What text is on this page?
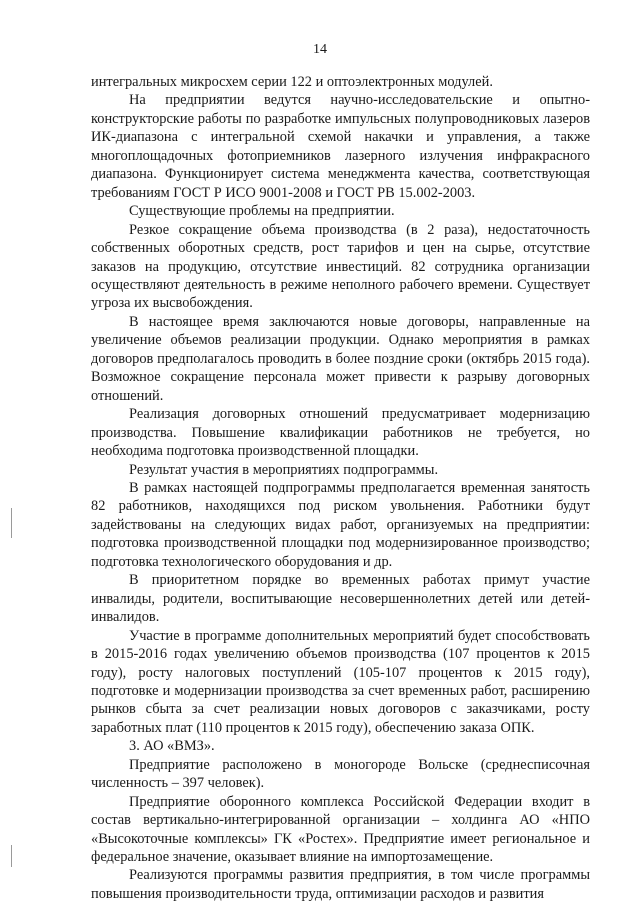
14

интегральных микросхем серии 122 и оптоэлектронных модулей.

На предприятии ведутся научно-исследовательские и опытно-конструкторские работы по разработке импульсных полупроводниковых лазеров ИК-диапазона с интегральной схемой накачки и управления, а также многоплощадочных фотоприемников лазерного излучения инфракрасного диапазона. Функционирует система менеджмента качества, соответствующая требованиям ГОСТ Р ИСО 9001-2008 и ГОСТ РВ 15.002-2003.

Существующие проблемы на предприятии.

Резкое сокращение объема производства (в 2 раза), недостаточность собственных оборотных средств, рост тарифов и цен на сырье, отсутствие заказов на продукцию, отсутствие инвестиций. 82 сотрудника организации осуществляют деятельность в режиме неполного рабочего времени. Существует угроза их высвобождения.

В настоящее время заключаются новые договоры, направленные на увеличение объемов реализации продукции. Однако мероприятия в рамках договоров предполагалось проводить в более поздние сроки (октябрь 2015 года). Возможное сокращение персонала может привести к разрыву договорных отношений.

Реализация договорных отношений предусматривает модернизацию производства. Повышение квалификации работников не требуется, но необходима подготовка производственной площадки.

Результат участия в мероприятиях подпрограммы.

В рамках настоящей подпрограммы предполагается временная занятость 82 работников, находящихся под риском увольнения. Работники будут задействованы на следующих видах работ, организуемых на предприятии: подготовка производственной площадки под модернизированное производство; подготовка технологического оборудования и др.

В приоритетном порядке во временных работах примут участие инвалиды, родители, воспитывающие несовершеннолетних детей или детей-инвалидов.

Участие в программе дополнительных мероприятий будет способствовать в 2015-2016 годах увеличению объемов производства (107 процентов к 2015 году), росту налоговых поступлений (105-107 процентов к 2015 году), подготовке и модернизации производства за счет временных работ, расширению рынков сбыта за счет реализации новых договоров с заказчиками, росту заработных плат (110 процентов к 2015 году), обеспечению заказа ОПК.

3. АО «ВМЗ».

Предприятие расположено в моногороде Вольске (среднесписочная численность – 397 человек).

Предприятие оборонного комплекса Российской Федерации входит в состав вертикально-интегрированной организации – холдинга АО «НПО «Высокоточные комплексы» ГК «Ростех». Предприятие имеет региональное и федеральное значение, оказывает влияние на импортозамещение.

Реализуются программы развития предприятия, в том числе программы повышения производительности труда, оптимизации расходов и развития
